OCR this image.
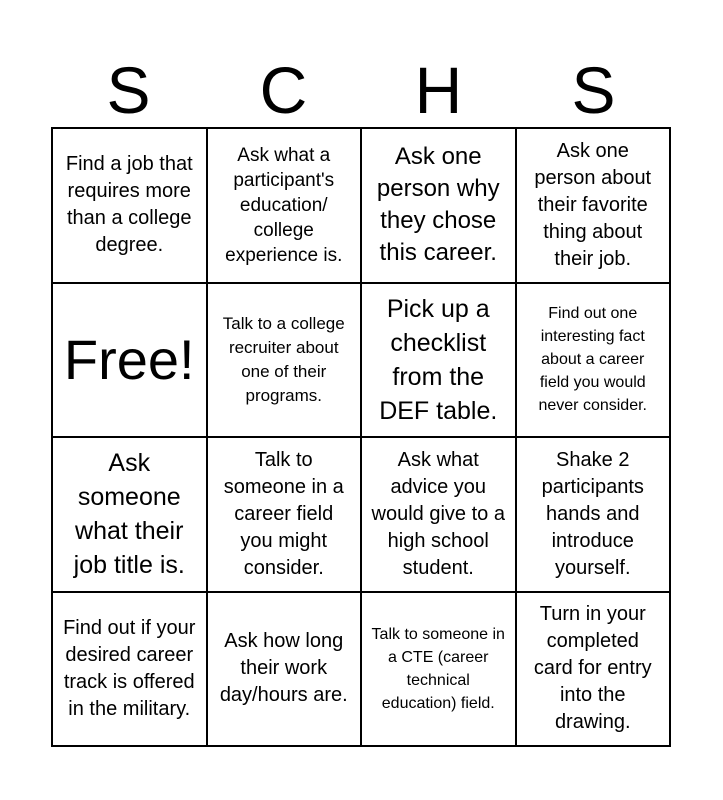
S	C	H	S
Find a job that requires more than a college degree.
Ask what a participant's education/ college experience is.
Ask one person why they chose this career.
Ask one person about their favorite thing about their job.
Free!
Talk to a college recruiter about one of their programs.
Pick up a checklist from the DEF table.
Find out one interesting fact about a career field you would never consider.
Ask someone what their job title is.
Talk to someone in a career field you might consider.
Ask what advice you would give to a high school student.
Shake 2 participants hands and introduce yourself.
Find out if your desired career track is offered in the military.
Ask how long their work day/hours are.
Talk to someone in a CTE (career technical education) field.
Turn in your completed card for entry into the drawing.
